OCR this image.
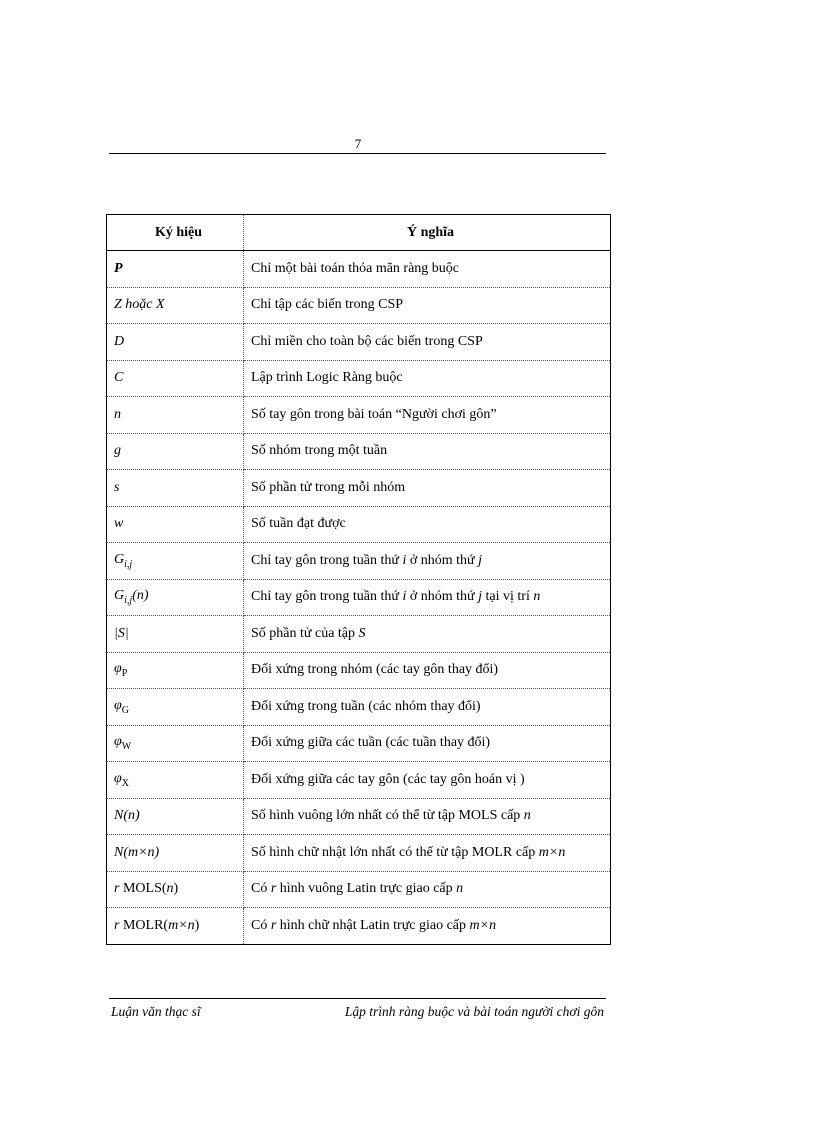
7
Ký hiệu	Ý nghĩa
P	Chỉ một bài toán thỏa mãn ràng buộc
Z hoặc X	Chỉ tập các biến trong CSP
D	Chỉ miền cho toàn bộ các biến trong CSP
C	Lập trình Logic Ràng buộc
n	Số tay gôn trong bài toán “Người chơi gôn”
g	Số nhóm trong một tuần
s	Số phần tử trong mỗi nhóm
w	Số tuần đạt được
$G_{i,j}$	Chỉ tay gôn trong tuần thứ i ở nhóm thứ j
$G_{i,j}(n)$	Chỉ tay gôn trong tuần thứ i ở nhóm thứ j tại vị trí n
|S|	Số phần tử của tập S
$\varphi_P$	Đối xứng trong nhóm (các tay gôn thay đổi)
$\varphi_G$	Đối xứng trong tuần (các nhóm thay đổi)
$\varphi_W$	Đối xứng giữa các tuần (các tuần thay đổi)
$\varphi_X$	Đối xứng giữa các tay gôn (các tay gôn hoán vị )
N(n)	Số hình vuông lớn nhất có thể từ tập MOLS cấp n
N(m×n)	Số hình chữ nhật lớn nhất có thể từ tập MOLR cấp m×n
r MOLS(n)	Có r hình vuông Latin trực giao cấp n
r MOLR(m×n)	Có r hình chữ nhật Latin trực giao cấp m×n
Luận văn thạc sĩ	Lập trình ràng buộc và bài toán người chơi gôn
